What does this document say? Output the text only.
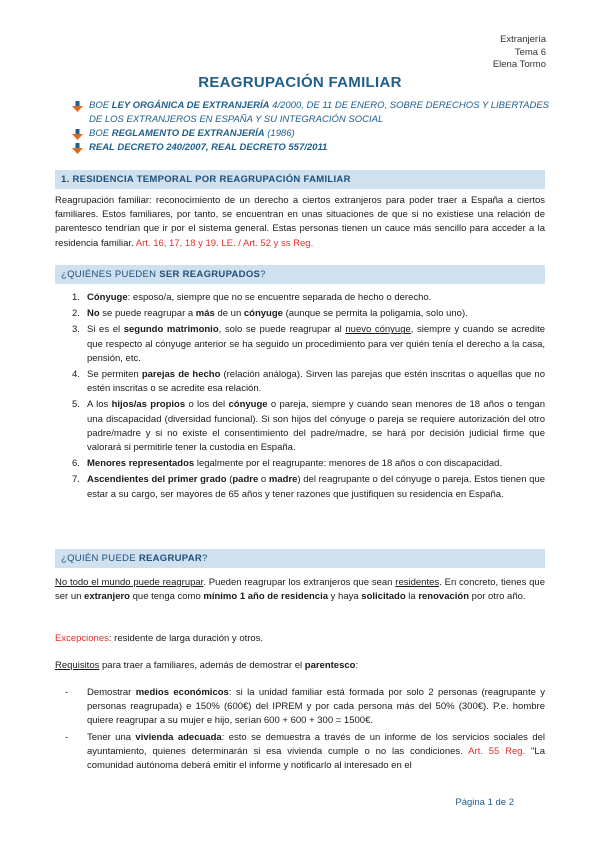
Extranjería
Tema 6
Elena Tormo
REAGRUPACIÓN FAMILIAR
BOE LEY ORGÁNICA DE EXTRANJERÍA 4/2000, DE 11 DE ENERO, SOBRE DERECHOS Y LIBERTADES DE LOS EXTRANJEROS EN ESPAÑA Y SU INTEGRACIÓN SOCIAL
BOE REGLAMENTO DE EXTRANJERÍA (1986)
REAL DECRETO 240/2007, REAL DECRETO 557/2011
1. RESIDENCIA TEMPORAL POR REAGRUPACIÓN FAMILIAR
Reagrupación familiar: reconocimiento de un derecho a ciertos extranjeros para poder traer a España a ciertos familiares. Estos familiares, por tanto, se encuentran en unas situaciones de que si no existiese una relación de parentesco tendrían que ir por el sistema general. Estas personas tienen un cauce más sencillo para acceder a la residencia familiar. Art. 16, 17, 18 y 19. LE. / Art. 52 y ss Reg.
¿QUIÉNES PUEDEN SER REAGRUPADOS?
1. Cónyuge: esposo/a, siempre que no se encuentre separada de hecho o derecho.
2. No se puede reagrupar a más de un cónyuge (aunque se permita la poligamia, solo uno).
3. Si es el segundo matrimonio, solo se puede reagrupar al nuevo cónyuge, siempre y cuando se acredite que respecto al cónyuge anterior se ha seguido un procedimiento para ver quién tenía el derecho a la casa, pensión, etc.
4. Se permiten parejas de hecho (relación análoga). Sirven las parejas que estén inscritas o aquellas que no estén inscritas o se acredite esa relación.
5. A los hijos/as propios o los del cónyuge o pareja, siempre y cuando sean menores de 18 años o tengan una discapacidad (diversidad funcional). Si son hijos del cónyuge o pareja se requiere autorización del otro padre/madre y si no existe el consentimiento del padre/madre, se hará por decisión judicial firme que valorará si permitirle tener la custodia en España.
6. Menores representados legalmente por el reagrupante: menores de 18 años o con discapacidad.
7. Ascendientes del primer grado (padre o madre) del reagrupante o del cónyuge o pareja. Estos tienen que estar a su cargo, ser mayores de 65 años y tener razones que justifiquen su residencia en España.
¿QUIÉN PUEDE REAGRUPAR?
No todo el mundo puede reagrupar. Pueden reagrupar los extranjeros que sean residentes. En concreto, tienes que ser un extranjero que tenga como mínimo 1 año de residencia y haya solicitado la renovación por otro año.
Excepciones: residente de larga duración y otros.
Requisitos para traer a familiares, además de demostrar el parentesco:
- Demostrar medios económicos: si la unidad familiar está formada por solo 2 personas (reagrupante y personas reagrupada) e 150% (600€) del IPREM y por cada persona más del 50% (300€). P.e. hombre quiere reagrupar a su mujer e hijo, serían 600 + 600 + 300 = 1500€.
- Tener una vivienda adecuada: esto se demuestra a través de un informe de los servicios sociales del ayuntamiento, quienes determinarán si esa vivienda cumple o no las condiciones. Art. 55 Reg. "La comunidad autónoma deberá emitir el informe y notificarlo al interesado en el
Página 1 de 2
